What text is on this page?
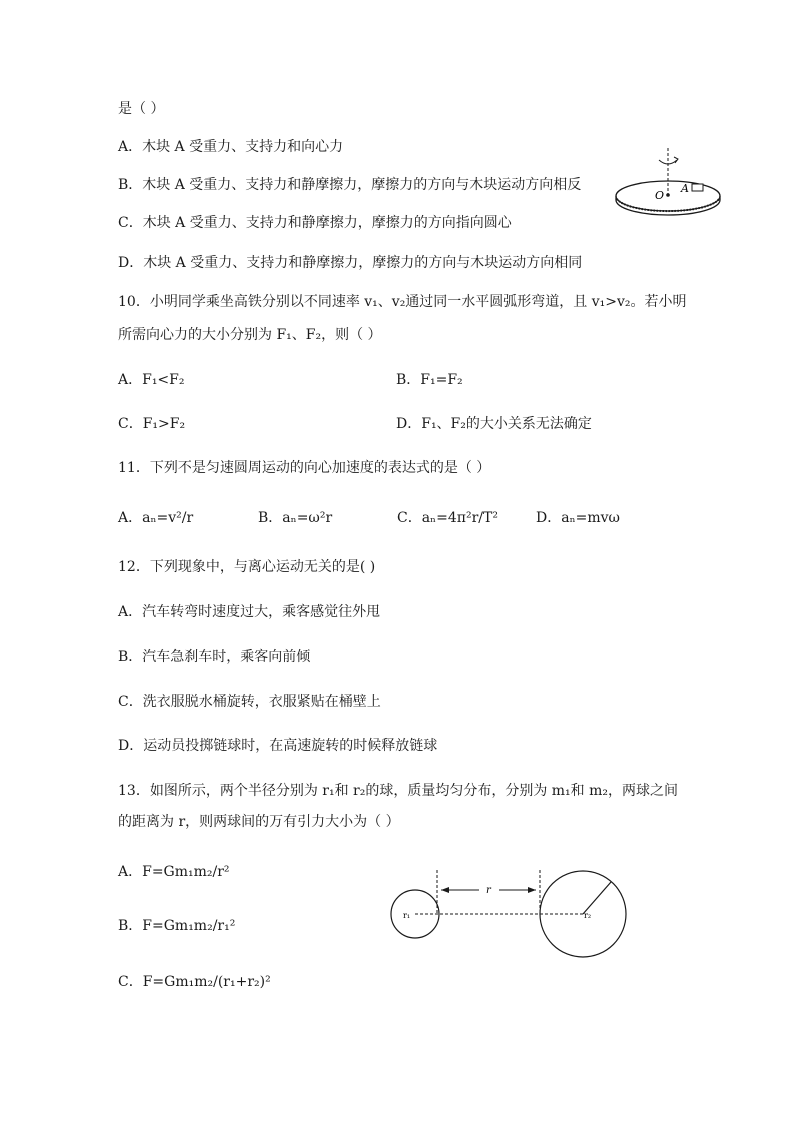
是（ ）
A．木块 A 受重力、支持力和向心力
B．木块 A 受重力、支持力和静摩擦力，摩擦力的方向与木块运动方向相反
C．木块 A 受重力、支持力和静摩擦力，摩擦力的方向指向圆心
D．木块 A 受重力、支持力和静摩擦力，摩擦力的方向与木块运动方向相同
O
A
10．小明同学乘坐高铁分别以不同速率 v₁、v₂通过同一水平圆弧形弯道，且 v₁>v₂。若小明
所需向心力的大小分别为 F₁、F₂，则（ ）
A．F₁<F₂	B．F₁=F₂
C．F₁>F₂	D．F₁、F₂的大小关系无法确定
11．下列不是匀速圆周运动的向心加速度的表达式的是（ ）
A．aₙ=v²/r	B．aₙ=ω²r	C．aₙ=4π²r/T²	D．aₙ=mvω
12．下列现象中，与离心运动无关的是( )
A．汽车转弯时速度过大，乘客感觉往外甩
B．汽车急刹车时，乘客向前倾
C．洗衣服脱水桶旋转，衣服紧贴在桶壁上
D．运动员投掷链球时，在高速旋转的时候释放链球
13．如图所示，两个半径分别为 r₁和 r₂的球，质量均匀分布，分别为 m₁和 m₂，两球之间
的距离为 r，则两球间的万有引力大小为（ ）
A．F=Gm₁m₂/r²
B．F=Gm₁m₂/r₁²
C．F=Gm₁m₂/(r₁+r₂)²
r
r₁	r₂
